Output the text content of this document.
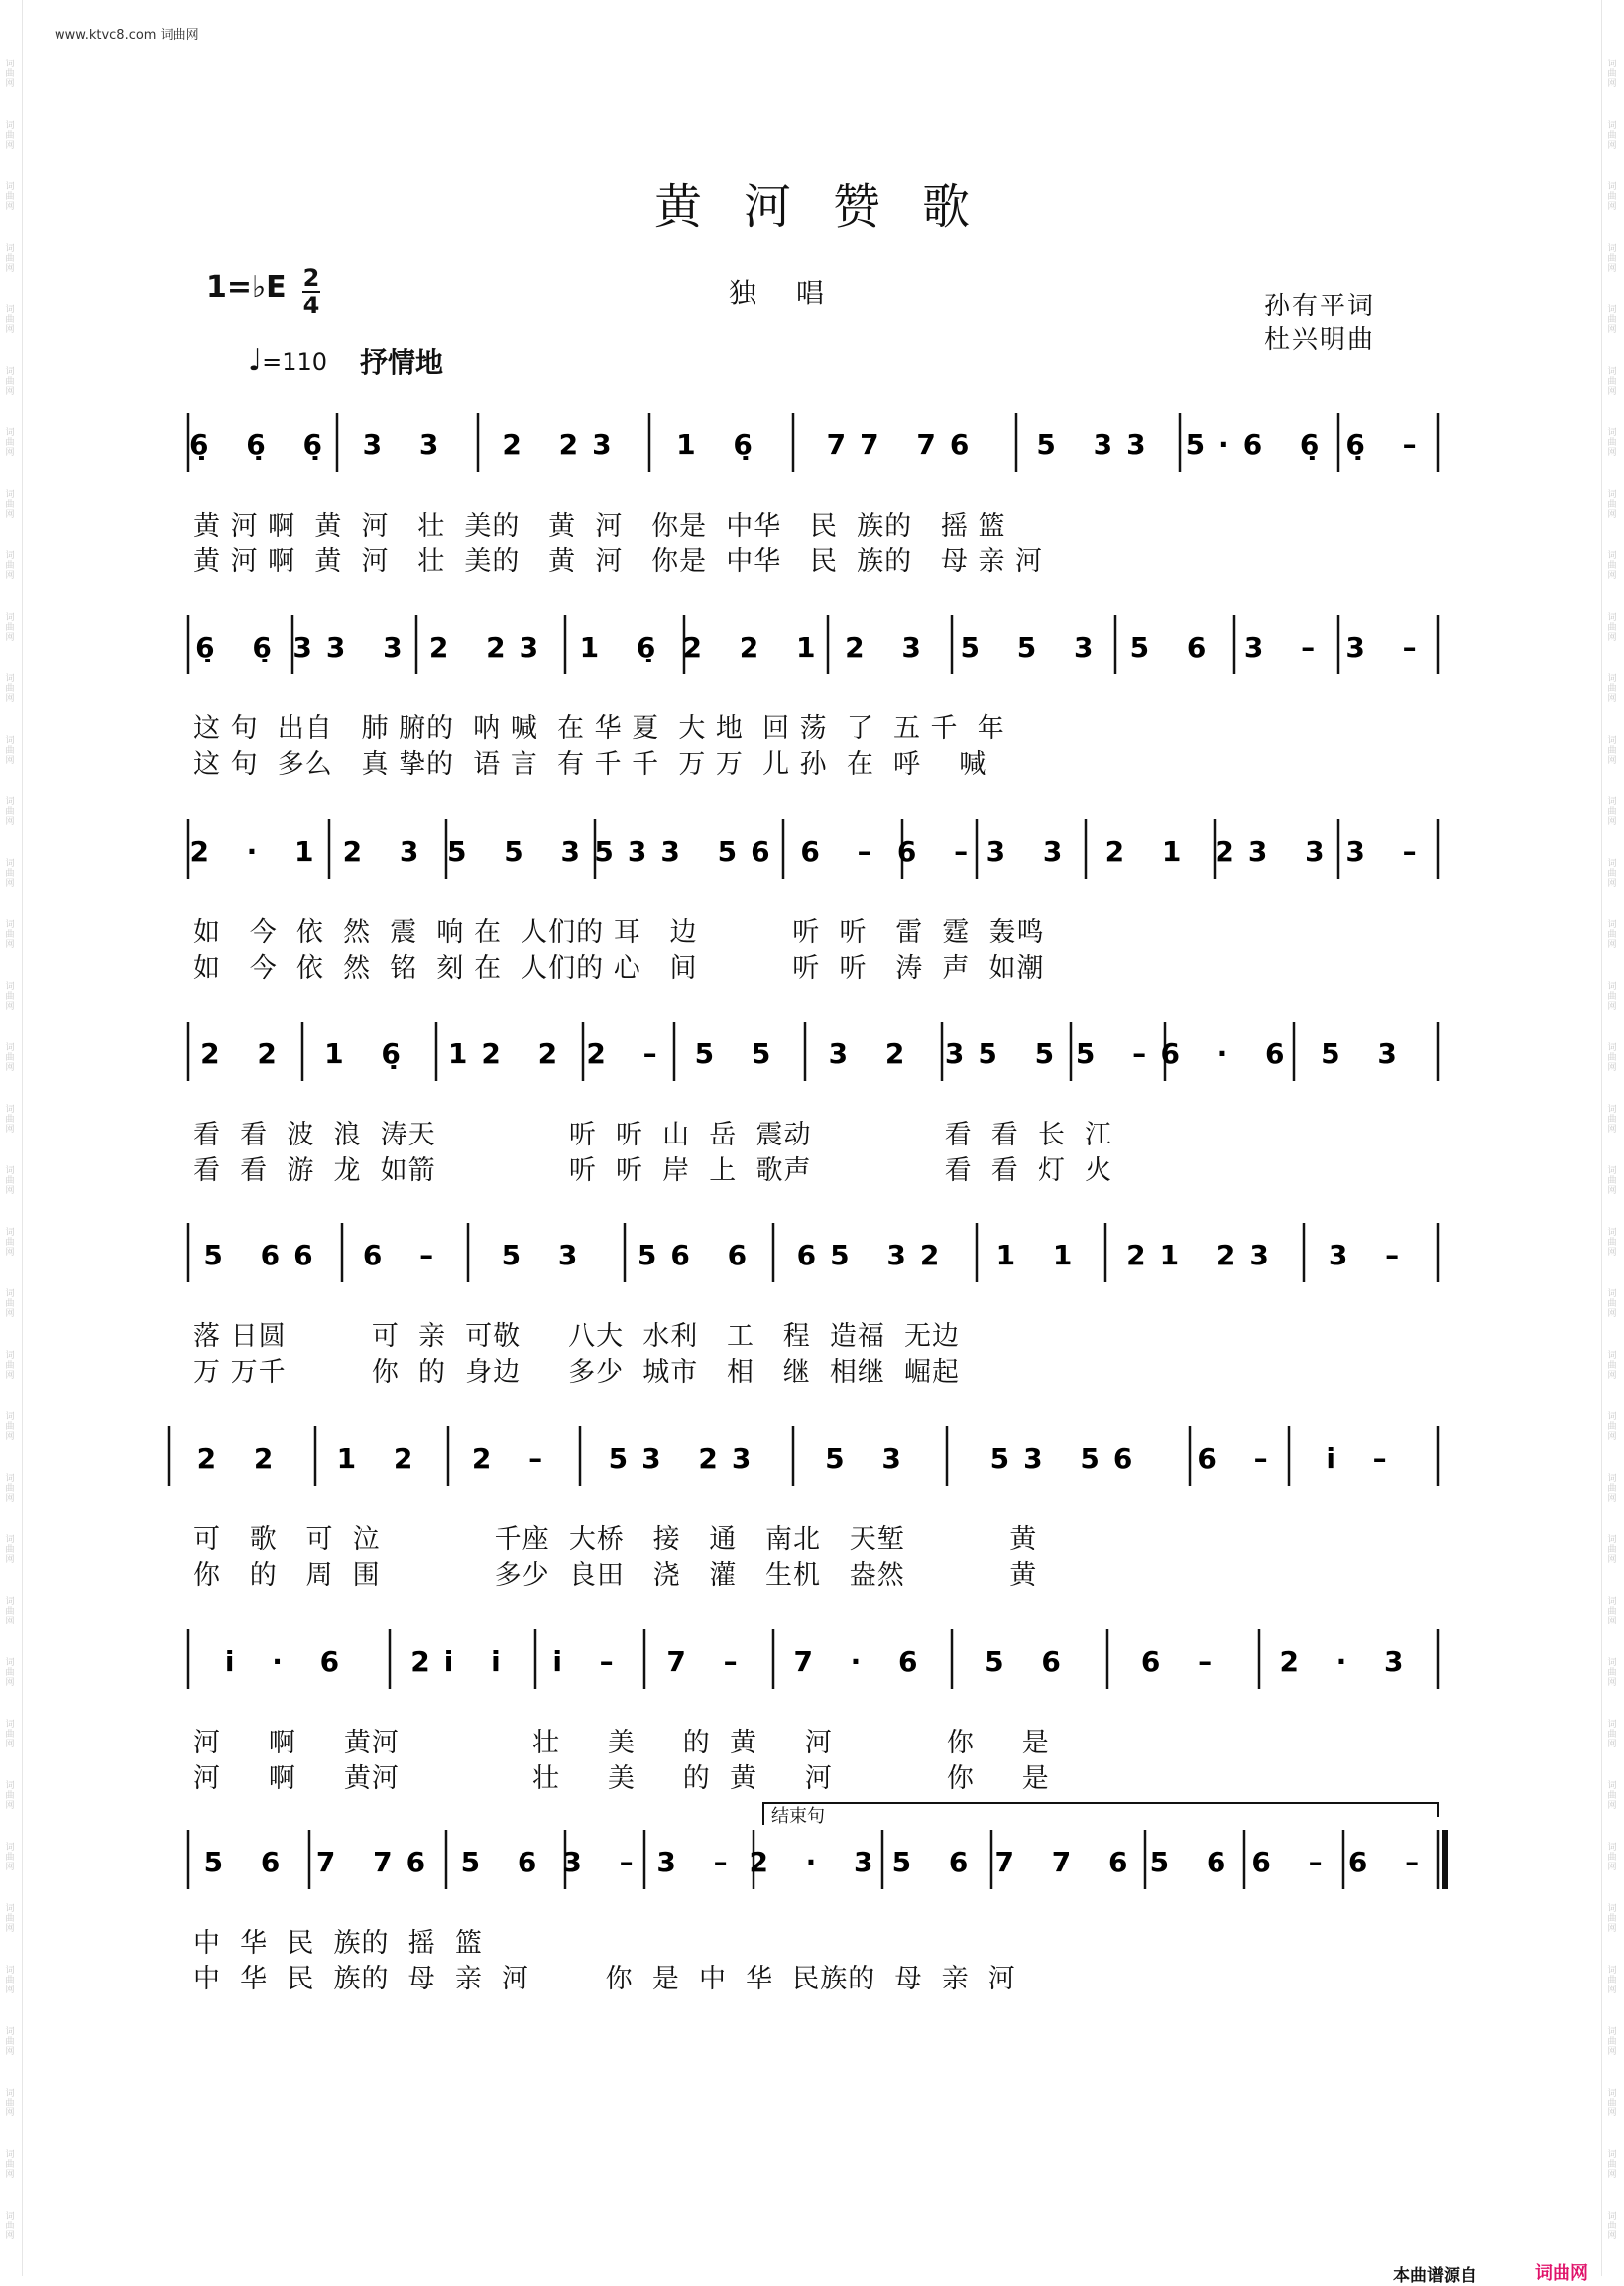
词曲网
词曲网
词曲网
词曲网
词曲网
词曲网
词曲网
词曲网
词曲网
词曲网
词曲网
词曲网
词曲网
词曲网
词曲网
词曲网
词曲网
词曲网
词曲网
词曲网
词曲网
词曲网
词曲网
词曲网
词曲网
词曲网
词曲网
词曲网
词曲网
词曲网
词曲网
词曲网
词曲网
词曲网
词曲网
词曲网
词曲网
词曲网
词曲网
词曲网
词曲网
词曲网
词曲网
词曲网
词曲网
词曲网
词曲网
词曲网
词曲网
词曲网
词曲网
词曲网
词曲网
词曲网
词曲网
词曲网
词曲网
词曲网
词曲网
词曲网
词曲网
词曲网
词曲网
词曲网
词曲网
词曲网
词曲网
词曲网
词曲网
词曲网
词曲网
词曲网
www.ktvc8.com 词曲网
黄河赞歌
1=♭E 2
4	独唱	孙有平词
杜兴明曲
♩=110 抒情地
结束句
6̣ 6̣ 6̣ 3 3 2 23 1 6̣ 77 76 5 33 5·6 6̣ 6̣ –
6̣ 6̣ 33 3 2 23 1 6̣ 2 2 1 2 3 5 5 3 5 6 3 – 3 –
2 · 1 2 3 5 5 3 533 56 6 – 6 – 3 3 2 1 23 3 3 –
2 2 1 6̣ 12 2 2 – 5 5 3 2 35 5 5 – 6 · 6 5 3
5 66 6 – 5 3 56 6 65 32 1 1 21 23 3 –
2 2 1 2 2 – 53 23 5 3	53 56 6 – i –
i · 6 2i i i – 7 – 7 · 6 5 6 6 – 2 · 3
5 6 7 76 5 6 3 – 3 – 2 · 3 5 6 7 7 6 5 6 6 – 6 –
黄 河 啊  黄  河   壮  美的   黄  河   你是  中华   民  族的   摇 篮
黄 河 啊  黄  河   壮  美的   黄  河   你是  中华   民  族的   母 亲 河
这 句  出自   肺 腑的  呐 喊  在 华 夏  大 地  回 荡  了  五 千  年
这 句  多么   真 挚的  语 言  有 千 千  万 万  儿 孙  在  呼    喊
如   今  依  然  震  响 在  人们的 耳   边          听  听   雷  霆  轰鸣
如   今  依  然  铭  刻 在  人们的 心   间          听  听   涛  声  如潮
看  看  波  浪  涛天              听  听  山  岳  震动              看  看  长  江
看  看  游  龙  如箭              听  听  岸  上  歌声              看  看  灯  火
落 日圆         可  亲  可敬     八大  水利   工   程  造福  无边
万 万千         你  的  身边     多少  城市   相   继  相继  崛起
可   歌   可  泣            千座  大桥   接   通   南北   天堑           黄
你   的   周  围            多少  良田   浇   灌   生机   盎然           黄
河     啊     黄河              壮     美     的  黄     河            你     是
河     啊     黄河              壮     美     的  黄     河            你     是
中  华  民  族的  摇  篮
中  华  民  族的  母  亲  河        你  是  中  华  民族的  母  亲  河
本曲谱源自	词曲网
